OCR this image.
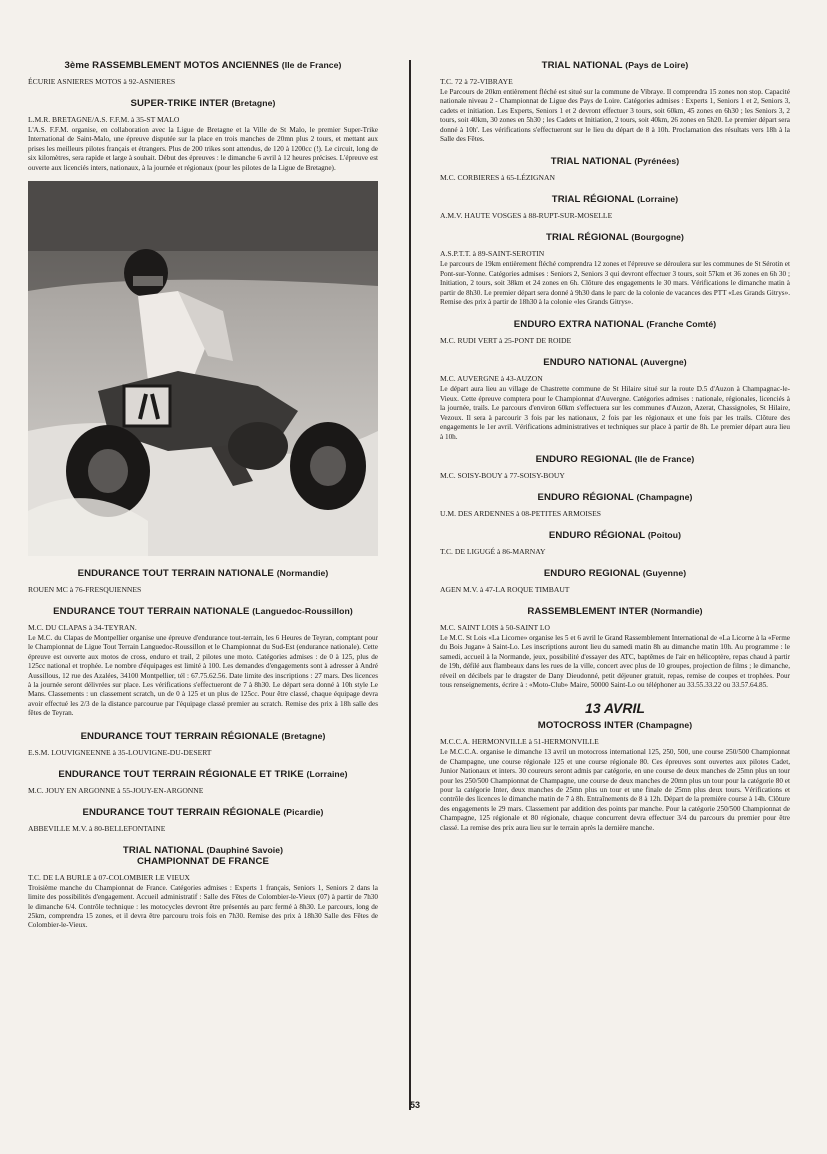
3ème RASSEMBLEMENT MOTOS ANCIENNES (Ile de France)
ÉCURIE ASNIERES MOTOS à 92-ASNIERES
SUPER-TRIKE INTER (Bretagne)
L.M.R. BRETAGNE/A.S. F.F.M. à 35-ST MALO
L'A.S. F.F.M. organise, en collaboration avec la Ligue de Bretagne et la Ville de St Malo, le premier Super-Trike International de Saint-Malo, une épreuve disputée sur la place en trois manches de 20mn plus 2 tours, et mettant aux prises les meilleurs pilotes français et étrangers. Plus de 200 trikes sont attendus, de 120 à 1200cc (!). Le circuit, long de six kilomètres, sera rapide et large à souhait. Début des épreuves : le dimanche 6 avril à 12 heures précises. L'épreuve est ouverte aux licenciés inters, nationaux, à la journée et régionaux (pour les pilotes de la Ligue de Bretagne).
ENDURANCE TOUT TERRAIN NATIONALE (Normandie)
ROUEN MC à 76-FRESQUIENNES
ENDURANCE TOUT TERRAIN NATIONALE (Languedoc-Roussillon)
M.C. DU CLAPAS à 34-TEYRAN.
Le M.C. du Clapas de Montpellier organise une épreuve d'endurance tout-terrain, les 6 Heures de Teyran, comptant pour le Championnat de Ligue Tout Terrain Languedoc-Roussillon et le Championnat du Sud-Est (endurance nationale). Cette épreuve est ouverte aux motos de cross, enduro et trail, 2 pilotes une moto. Catégories admises : de 0 à 125, plus de 125cc national et trophée. Le nombre d'équipages est limité à 100. Les demandes d'engagements sont à adresser à André Aussillous, 12 rue des Azalées, 34100 Montpellier, tél : 67.75.62.56. Date limite des inscriptions : 27 mars. Des licences à la journée seront délivrées sur place. Les vérifications s'effectueront de 7 à 8h30. Le départ sera donné à 10h style Le Mans. Classements : un classement scratch, un de 0 à 125 et un plus de 125cc. Pour être classé, chaque équipage devra avoir effectué les 2/3 de la distance parcourue par l'équipage classé premier au scratch. Remise des prix à 18h salle des fêtes de Teyran.
ENDURANCE TOUT TERRAIN RÉGIONALE (Bretagne)
E.S.M. LOUVIGNEENNE à 35-LOUVIGNE-DU-DESERT
ENDURANCE TOUT TERRAIN RÉGIONALE ET TRIKE (Lorraine)
M.C. JOUY EN ARGONNE à 55-JOUY-EN-ARGONNE
ENDURANCE TOUT TERRAIN RÉGIONALE (Picardie)
ABBEVILLE M.V. à 80-BELLEFONTAINE
TRIAL NATIONAL (Dauphiné Savoie)
CHAMPIONNAT DE FRANCE
T.C. DE LA BURLE à 07-COLOMBIER LE VIEUX
Troisième manche du Championnat de France. Catégories admises : Experts 1 français, Seniors 1, Seniors 2 dans la limite des possibilités d'engagement. Accueil administratif : Salle des Fêtes de Colombier-le-Vieux (07) à partir de 7h30 le dimanche 6/4. Contrôle technique : les motocycles devront être présentés au parc fermé à 8h30. Le parcours, long de 25km, comprendra 15 zones, et il devra être parcouru trois fois en 7h30. Remise des prix à 18h30 Salle des Fêtes de Colombier-le-Vieux.
TRIAL NATIONAL (Pays de Loire)
T.C. 72 à 72-VIBRAYE
Le Parcours de 20km entièrement fléché est situé sur la commune de Vibraye. Il comprendra 15 zones non stop. Capacité nationale niveau 2 - Championnat de Ligue des Pays de Loire. Catégories admises : Experts 1, Seniors 1 et 2, Seniors 3, cadets et initiation. Les Experts, Seniors 1 et 2 devront effectuer 3 tours, soit 60km, 45 zones en 6h30 ; les Seniors 3, 2 tours, soit 40km, 30 zones en 5h30 ; les Cadets et Initiation, 2 tours, soit 40km, 26 zones en 5h20. Le premier départ sera donné à 10h'. Les vérifications s'effectueront sur le lieu du départ de 8 à 10h. Proclamation des résultats vers 18h à la Salle des Fêtes.
TRIAL NATIONAL (Pyrénées)
M.C. CORBIERES à 65-LÉZIGNAN
TRIAL RÉGIONAL (Lorraine)
A.M.V. HAUTE VOSGES à 88-RUPT-SUR-MOSELLE
TRIAL RÉGIONAL (Bourgogne)
A.S.P.T.T. à 89-SAINT-SEROTIN
Le parcours de 19km entièrement fléché comprendra 12 zones et l'épreuve se déroulera sur les communes de St Sérotin et Pont-sur-Yonne. Catégories admises : Seniors 2, Seniors 3 qui devront effectuer 3 tours, soit 57km et 36 zones en 6h 30 ; Initiation, 2 tours, soit 38km et 24 zones en 6h. Clôture des engagements le 30 mars. Vérifications le dimanche matin à partir de 8h30. Le premier départ sera donné à 9h30 dans le parc de la colonie de vacances des PTT «Les Grands Gitrys». Remise des prix à partir de 18h30 à la colonie «les Grands Gitrys».
ENDURO EXTRA NATIONAL (Franche Comté)
M.C. RUDI VERT à 25-PONT DE ROIDE
ENDURO NATIONAL (Auvergne)
M.C. AUVERGNE à 43-AUZON
Le départ aura lieu au village de Chastrette commune de St Hilaire situé sur la route D.5 d'Auzon à Champagnac-le-Vieux. Cette épreuve comptera pour le Championnat d'Auvergne. Catégories admises : nationale, régionales, licenciés à la journée, trails. Le parcours d'environ 60km s'effectuera sur les communes d'Auzon, Azerat, Chassignoles, St Hilaire, Vezoux. Il sera à parcourir 3 fois par les nationaux, 2 fois par les régionaux et une fois par les trails. Clôture des engagements le 1er avril. Vérifications administratives et techniques sur place à partir de 8h. Le premier départ aura lieu à 10h.
ENDURO REGIONAL (Ile de France)
M.C. SOISY-BOUY à 77-SOISY-BOUY
ENDURO RÉGIONAL (Champagne)
U.M. DES ARDENNES à 08-PETITES ARMOISES
ENDURO RÉGIONAL (Poitou)
T.C. DE LIGUGÉ à 86-MARNAY
ENDURO REGIONAL (Guyenne)
AGEN M.V. à 47-LA ROQUE TIMBAUT
RASSEMBLEMENT INTER (Normandie)
M.C. SAINT LOIS à 50-SAINT LO
Le M.C. St Lois «La Licorne» organise les 5 et 6 avril le Grand Rassemblement International de «La Licorne à la «Ferme du Bois Jugan» à Saint-Lo. Les inscriptions auront lieu du samedi matin 8h au dimanche matin 10h. Au programme : le samedi, accueil à la Normande, jeux, possibilité d'essayer des ATC, baptêmes de l'air en hélicoptère, repas chaud à partir de 19h, défilé aux flambeaux dans les rues de la ville, concert avec plus de 10 groupes, projection de films ; le dimanche, réveil en décibels par le dragster de Dany Dieudonné, petit déjeuner gratuit, repas, remise de coupes et trophées. Pour tous renseignements, écrire à : «Moto-Club» Maire, 50000 Saint-Lo ou téléphoner au 33.55.33.22 ou 33.57.64.85.
13 AVRIL
MOTOCROSS INTER (Champagne)
M.C.C.A. HERMONVILLE à 51-HERMONVILLE
Le M.C.C.A. organise le dimanche 13 avril un motocross international 125, 250, 500, une course 250/500 Championnat de Champagne, une course régionale 125 et une course régionale 80. Ces épreuves sont ouvertes aux pilotes Cadet, Junior Nationaux et inters. 30 coureurs seront admis par catégorie, en une course de deux manches de 25mn plus un tour pour les 250/500 Championnat de Champagne, une course de deux manches de 20mn plus un tour pour la catégorie 80 et pour la catégorie Inter, deux manches de 25mn plus un tour et une finale de 25mn plus deux tours. Vérifications et contrôle des licences le dimanche matin de 7 à 8h. Entraînements de 8 à 12h. Départ de la première course à 14h. Clôture des engagements le 29 mars. Classement par addition des points par manche. Pour la catégorie 250/500 Championnat de Champagne, 125 régionale et 80 régionale, chaque concurrent devra effectuer 3/4 du parcours du premier pour être classé. La remise des prix aura lieu sur le terrain après la dernière manche.
53
